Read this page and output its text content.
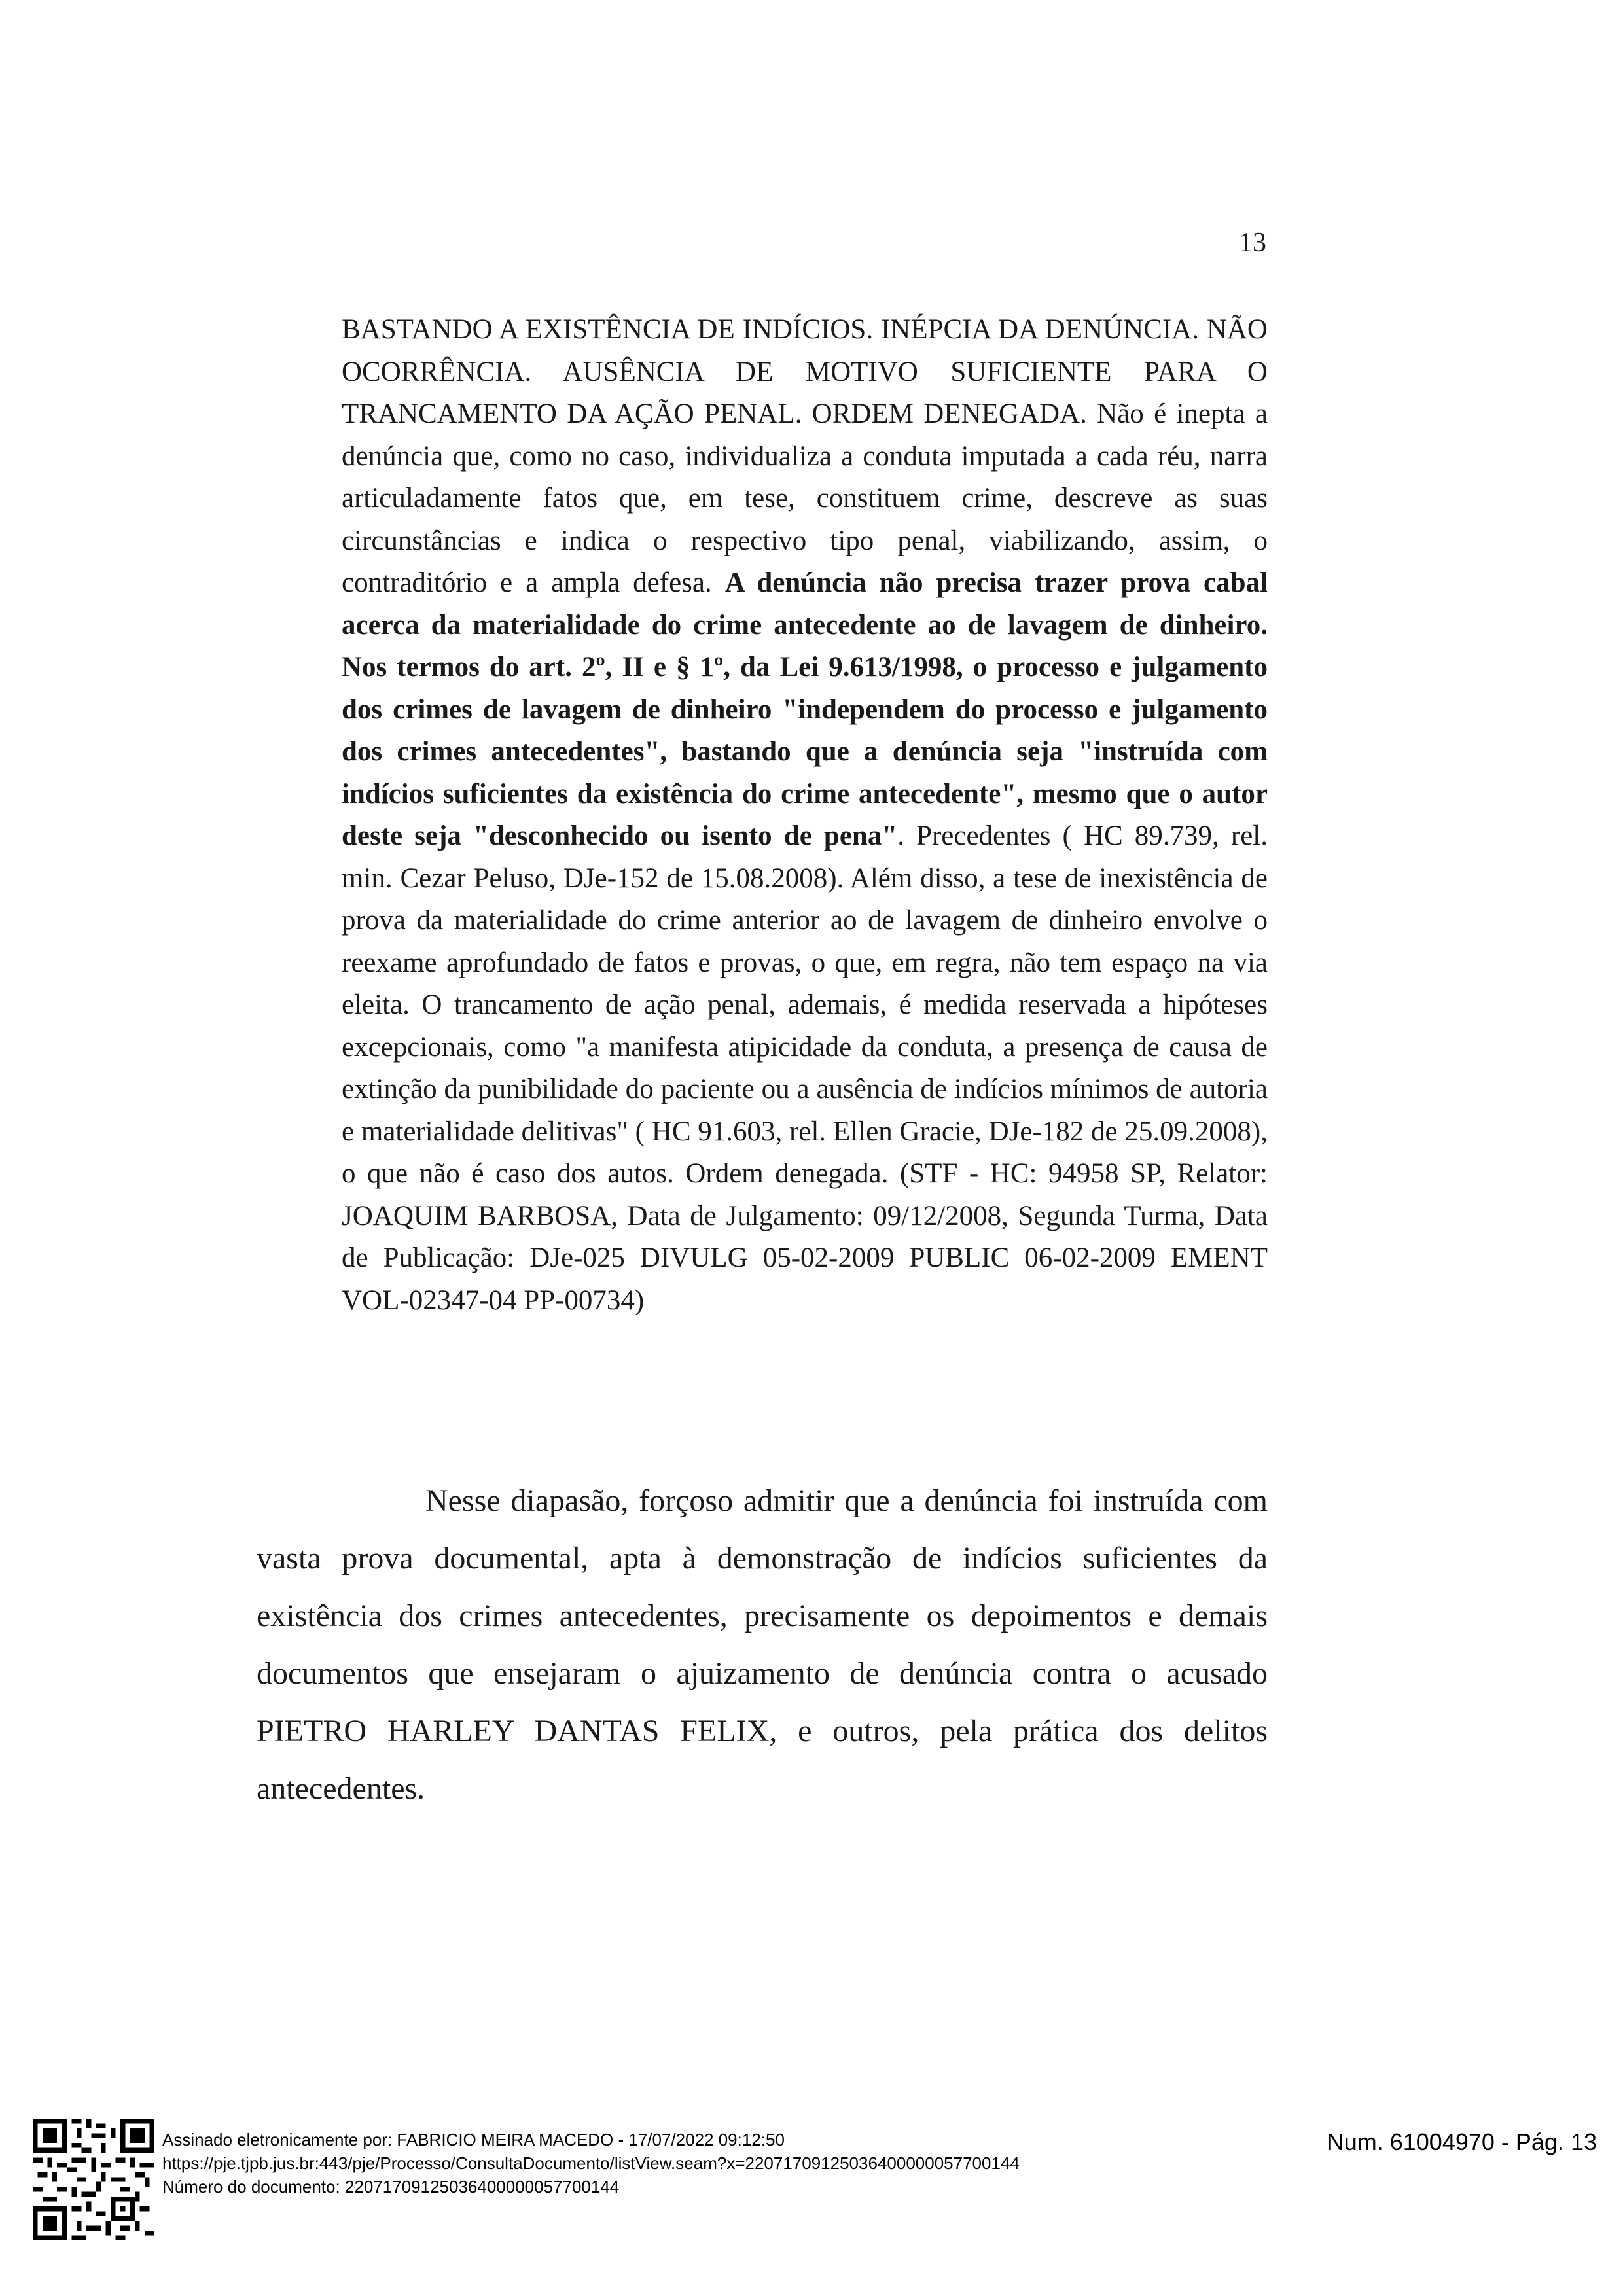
13
BASTANDO A EXISTÊNCIA DE INDÍCIOS. INÉPCIA DA DENÚNCIA. NÃO OCORRÊNCIA. AUSÊNCIA DE MOTIVO SUFICIENTE PARA O TRANCAMENTO DA AÇÃO PENAL. ORDEM DENEGADA. Não é inepta a denúncia que, como no caso, individualiza a conduta imputada a cada réu, narra articuladamente fatos que, em tese, constituem crime, descreve as suas circunstâncias e indica o respectivo tipo penal, viabilizando, assim, o contraditório e a ampla defesa. A denúncia não precisa trazer prova cabal acerca da materialidade do crime antecedente ao de lavagem de dinheiro. Nos termos do art. 2º, II e § 1º, da Lei 9.613/1998, o processo e julgamento dos crimes de lavagem de dinheiro "independem do processo e julgamento dos crimes antecedentes", bastando que a denúncia seja "instruída com indícios suficientes da existência do crime antecedente", mesmo que o autor deste seja "desconhecido ou isento de pena". Precedentes ( HC 89.739, rel. min. Cezar Peluso, DJe-152 de 15.08.2008). Além disso, a tese de inexistência de prova da materialidade do crime anterior ao de lavagem de dinheiro envolve o reexame aprofundado de fatos e provas, o que, em regra, não tem espaço na via eleita. O trancamento de ação penal, ademais, é medida reservada a hipóteses excepcionais, como "a manifesta atipicidade da conduta, a presença de causa de extinção da punibilidade do paciente ou a ausência de indícios mínimos de autoria e materialidade delitivas" ( HC 91.603, rel. Ellen Gracie, DJe-182 de 25.09.2008), o que não é caso dos autos. Ordem denegada. (STF - HC: 94958 SP, Relator: JOAQUIM BARBOSA, Data de Julgamento: 09/12/2008, Segunda Turma, Data de Publicação: DJe-025 DIVULG 05-02-2009 PUBLIC 06-02-2009 EMENT VOL-02347-04 PP-00734)
Nesse diapasão, forçoso admitir que a denúncia foi instruída com vasta prova documental, apta à demonstração de indícios suficientes da existência dos crimes antecedentes, precisamente os depoimentos e demais documentos que ensejaram o ajuizamento de denúncia contra o acusado PIETRO HARLEY DANTAS FELIX, e outros, pela prática dos delitos antecedentes.
Assinado eletronicamente por: FABRICIO MEIRA MACEDO - 17/07/2022 09:12:50
https://pje.tjpb.jus.br:443/pje/Processo/ConsultaDocumento/listView.seam?x=22071709125036400000057700144
Número do documento: 22071709125036400000057700144
Num. 61004970 - Pág. 13
